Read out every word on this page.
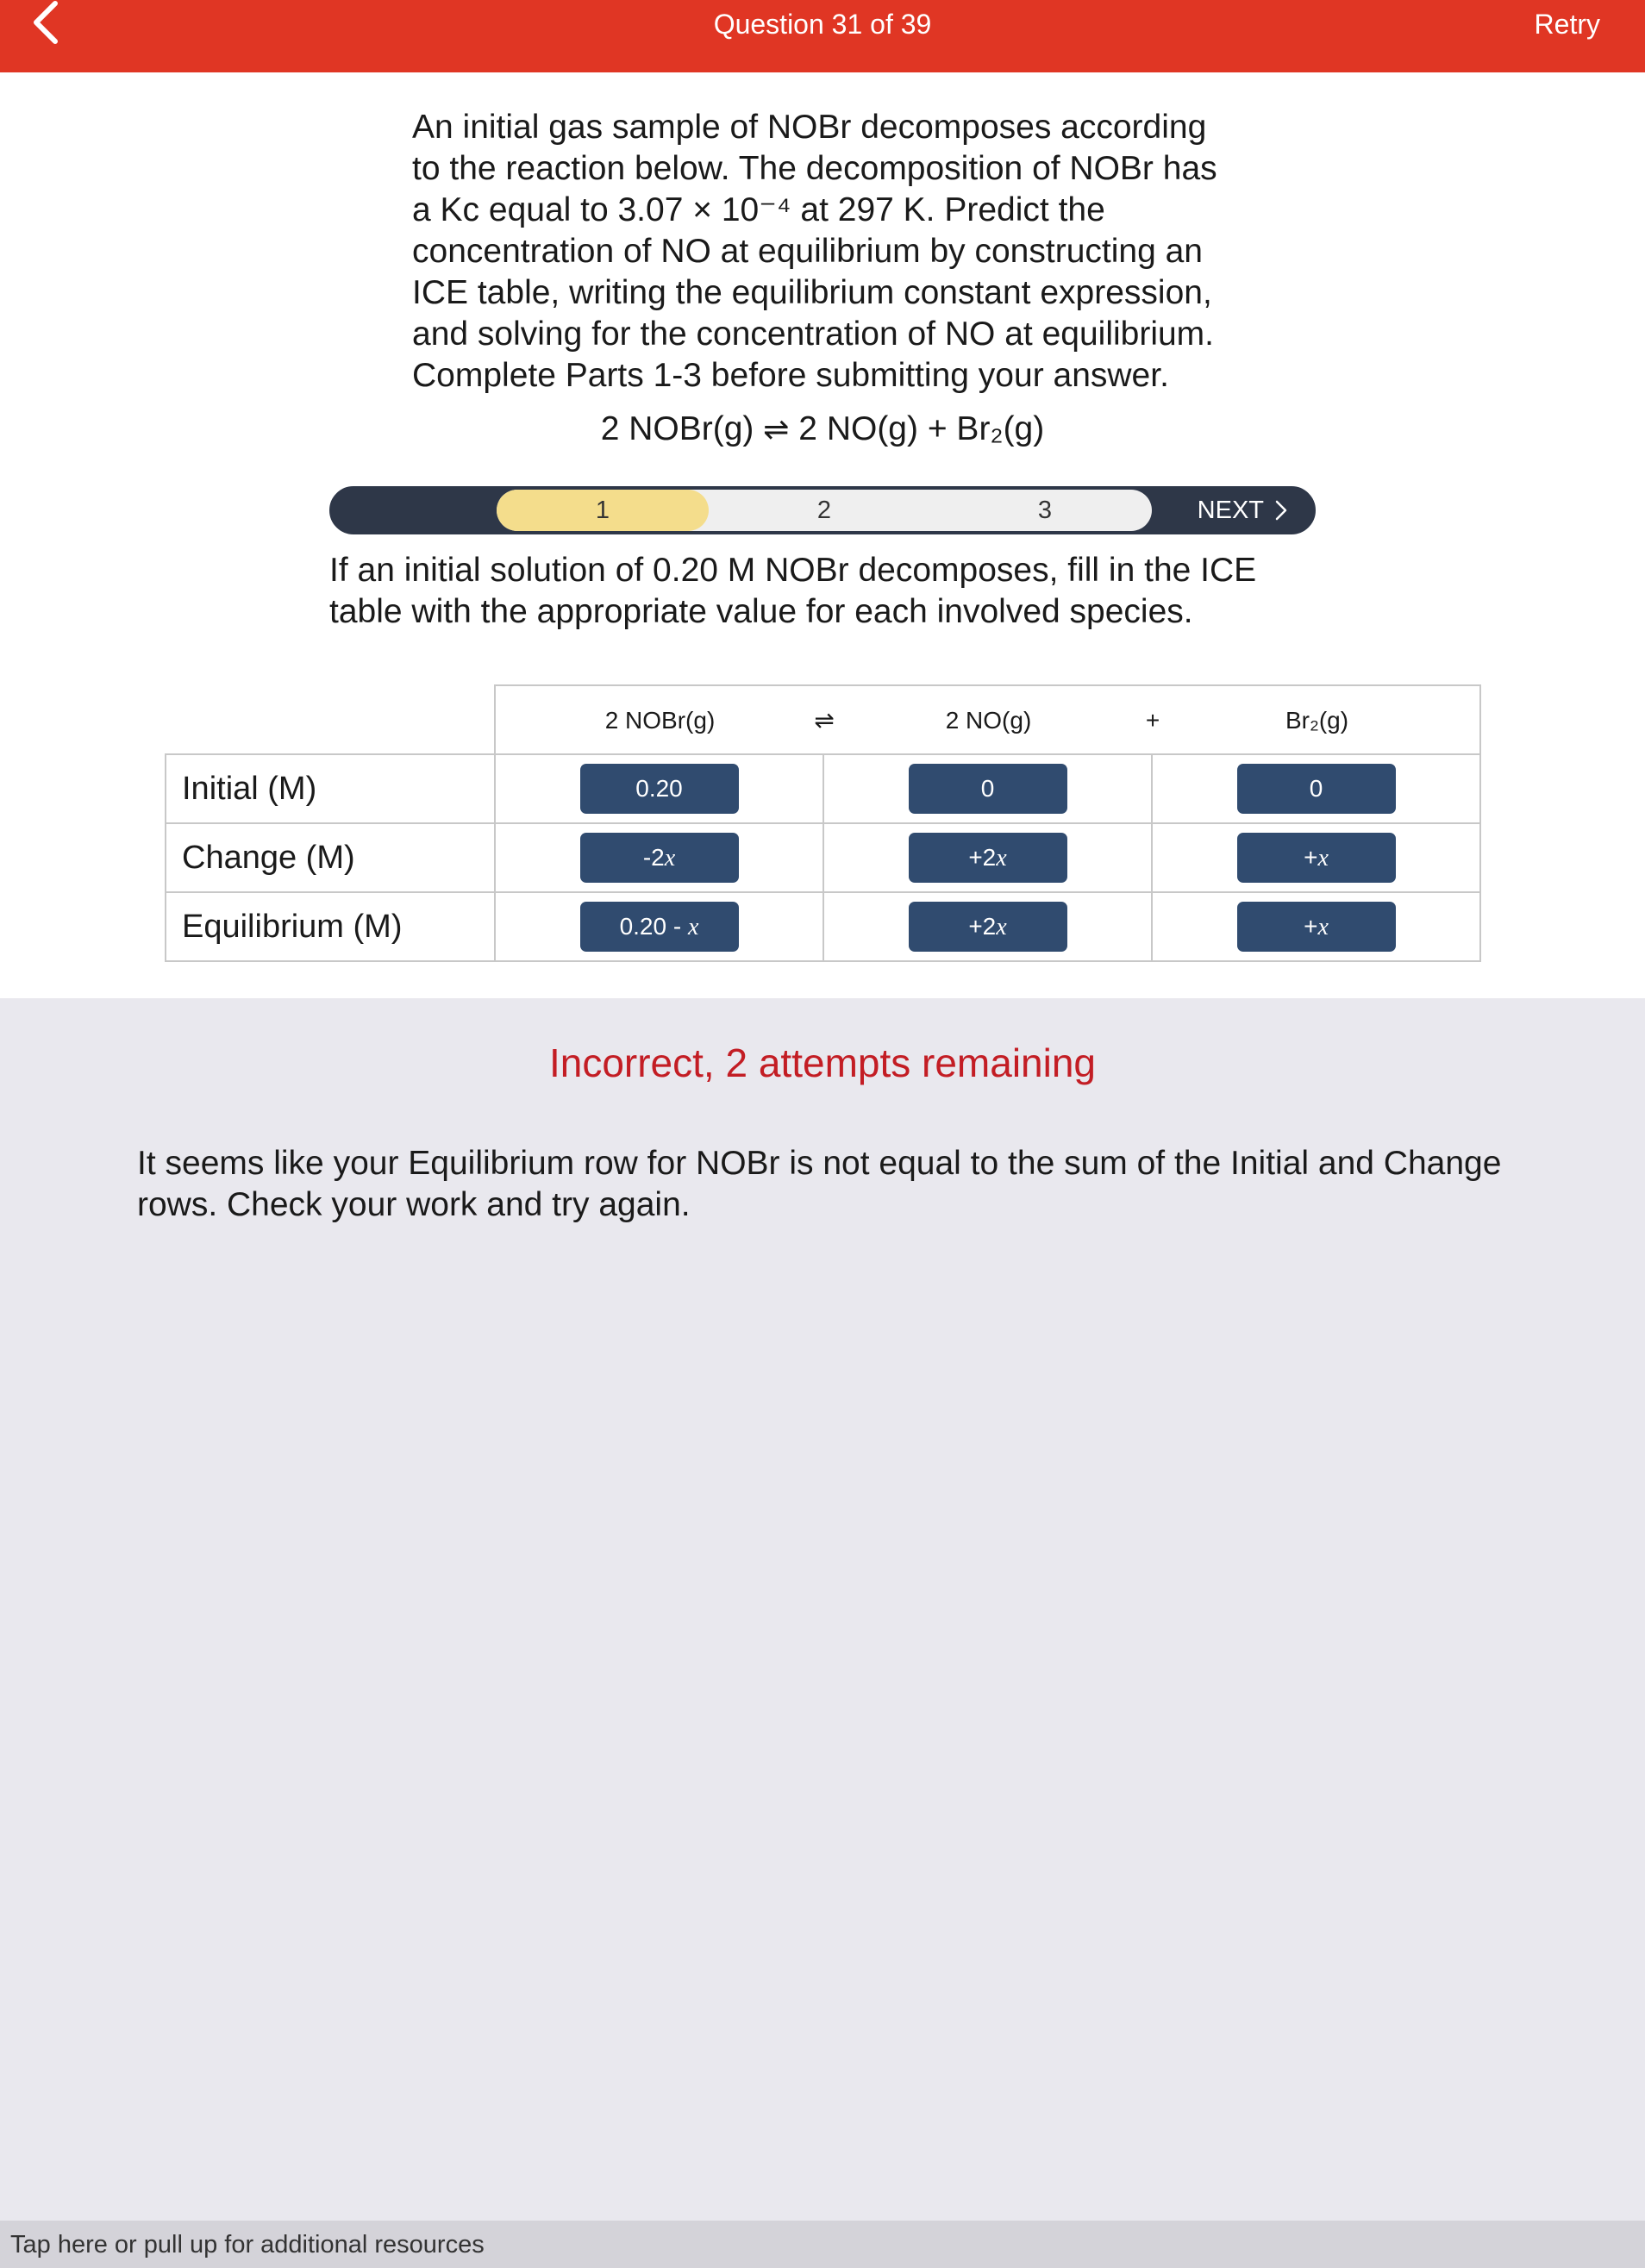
Question 31 of 39	Retry
An initial gas sample of NOBr decomposes according to the reaction below. The decomposition of NOBr has a Kc equal to 3.07 × 10⁻⁴ at 297 K. Predict the concentration of NO at equilibrium by constructing an ICE table, writing the equilibrium constant expression, and solving for the concentration of NO at equilibrium. Complete Parts 1-3 before submitting your answer.
2 NOBr(g) ⇌ 2 NO(g) + Br₂(g)
1	2	3	NEXT
If an initial solution of 0.20 M NOBr decomposes, fill in the ICE table with the appropriate value for each involved species.

	2 NOBr(g) ⇌ 2 NO(g) + Br₂(g)		

Initial (M)	0.20	0	0
Change (M)	-2x	+2x	+x
Equilibrium (M)	0.20 - x	+2x	+x
Incorrect, 2 attempts remaining
It seems like your Equilibrium row for NOBr is not equal to the sum of the Initial and Change rows. Check your work and try again.
Tap here or pull up for additional resources
